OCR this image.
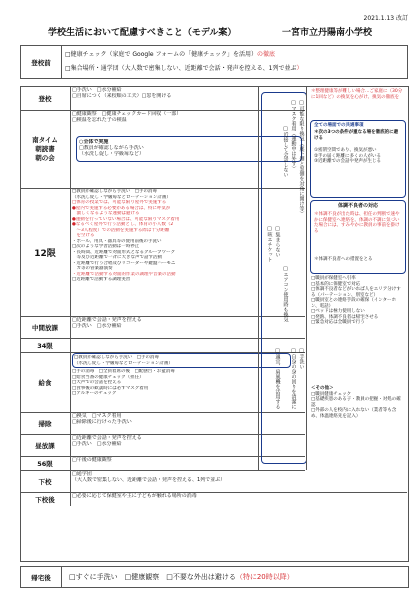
2021.1.13 改訂
学校生活において配慮すべきこと（モデル案）	一宮市立丹陽南小学校
登校前
□健康チェック（家庭で Google フォームの「健康チェック」を活用）の徹底
□集合場所・通学団（大人数で密集しない、近距離で会話・発声を控える、1列で並ぶ）
登校
□手洗い　□水分補給
□自席につく（来校順の工夫）□窓を開ける
南タイム
朝読書
朝の会
□健康観察　□健康チェックカード回収（一部）
□検温を忘れた子の検温
○全体で実施
□教員が確認しながら手洗い
（水洗し促し・学級毎など）
12限
□教員が確認しながら手洗い　□手の消毒
（水洗し促し・学級毎などローテーション計画）
□体育の授業では、可能な限り屋外で実施する
●屋内で実施する必要がある場合は、特に呼気が
　激しくなるような運動は避ける
●運動を行っていない場合は、可能な限りマスク着用
●なるべく屋外で行う活動とし、体育の小人数（2
　〜3人程度）での活動を実施する際は十分距離
　を空ける
・ボール、用具・器具等の使用前後の手洗い
□次のような学習活動は一時停止
・長時間、近距離で対面形式となるグループワーク
　等及び近距離で一斉に大きな声で話す活動
・近距離で行う合唱及びリコーダーや鍵盤ハーモニ
　カ等の管楽器演奏
・近距離で活動する対面的作業の調理や音楽の活動
□近距離で活動する調理実習
中間放課
□近距離で会話・発声を控える
□手洗い　□水分補給
34限
給食
□教員が確認しながら手洗い　□手の消毒
（水洗し促し・学級毎などローテーション計画）
□手の消毒　□全員着席の後　□配膳台・お盆消毒
□給食当番の健康チェック（担任）
□大声での会話を控える
□食事後の歓談時には必ずマスク着用
□アルギーのチェック
掃除
□換気　□マスク着用
□掃除後に行けった手洗い
昼放課
□近距離で会話・発声を控える
□手洗い　□水分補給
56限	□午後の健康観察
下校
□通学団
（大人数で密集しない、近距離で会話・発声を控える、1列で並ぶ）
下校後	□必要に応じて保健室や主に子どもが触れる場所の消毒
□可能な限り換気（廊下側と窓側を対角に開け等）
□マスク着用（運動中は外す）
□近接して会話しない
□集まらない
□咳エチケット
□エアコン使用時も換気
□手洗い
□自身の身の回りを清潔に
□適宜、扇風機を活用する
＊整理健康等が難しい場合…ご家庭に（30分に1回など）の換気を心がけ、換気の徹底を
全ての場面での共通事項
＊次の3つの条件が重なる場を徹底的に避ける
①密閉空間であり、換気が悪い
②手の届く距離に多くの人がいる
③近距離での会話や発声が生じる
体調不良者の対応
＊体調不良が出た時は、担任の判断で速やかに保健室へ連絡を。体調の不調に気づいた場合には、すみやかに教員の事前を掛ける
＊体調不良者への措置をとる
□職員が保健室へ引率
□基本的に保健室で対応
□体調不良者などがいれば人をエリア分けする（パーテーション、別室など）
□職員室との連絡手段の確保（インターホン、電話）
□ベッドは極力使用しない
□発熱、体調不良者は帰宅させる
□緊急対応は全職員で行う
＜その他＞
□職員健康チェック
□基礎疾患のある子・教員の把握・対処の確認
□外部の人を校内に入れない（業者等も含め、体温連絡先を記入）
帰宅後	□すぐに手洗い　□健康観察　□不要な外出は避ける（特に20時以降）
